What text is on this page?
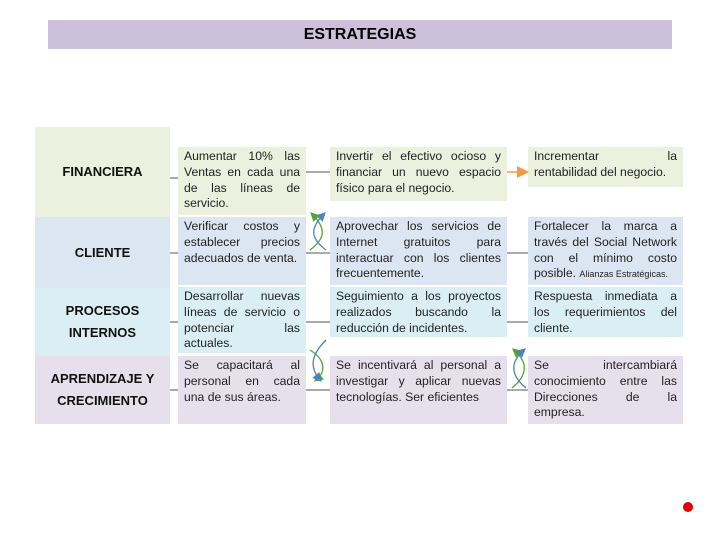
ESTRATEGIAS
FINANCIERA
CLIENTE
PROCESOS
INTERNOS
APRENDIZAJE Y
CRECIMIENTO
Aumentar 10% las Ventas en cada una de las líneas de servicio.
Invertir el efectivo ocioso y financiar un nuevo espacio físico para el negocio.
Incrementar la rentabilidad del negocio.
Verificar costos y establecer precios adecuados de venta.
Aprovechar los servicios de Internet gratuitos para interactuar con los clientes frecuentemente.
Fortalecer la marca a través del Social Network con el mínimo costo posible. Alianzas Estratégicas.
Desarrollar nuevas líneas de servicio o potenciar las actuales.
Seguimiento a los proyectos realizados buscando la reducción de incidentes.
Respuesta inmediata a los requerimientos del cliente.
Se capacitará al personal en cada una de sus áreas.
Se incentivará al personal a investigar y aplicar nuevas tecnologías. Ser eficientes
Se intercambiará conocimiento entre las Direcciones de la empresa.
